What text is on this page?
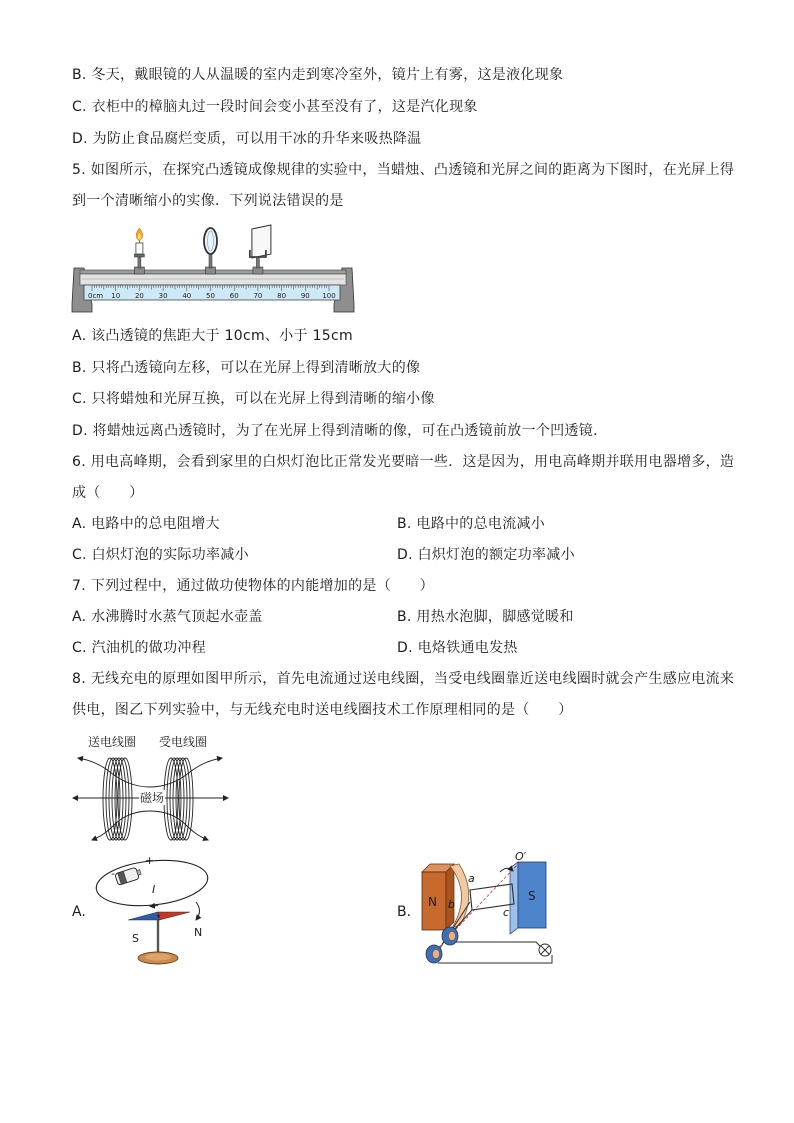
B. 冬天，戴眼镜的人从温暖的室内走到寒冷室外，镜片上有雾，这是液化现象
C. 衣柜中的樟脑丸过一段时间会变小甚至没有了，这是汽化现象
D. 为防止食品腐烂变质，可以用干冰的升华来吸热降温
5. 如图所示，在探究凸透镜成像规律的实验中，当蜡烛、凸透镜和光屏之间的距离为下图时，在光屏上得
到一个清晰缩小的实像．下列说法错误的是
0cm 10 20 30 40 50 60 70 80 90 100
A. 该凸透镜的焦距大于 10cm、小于 15cm
B. 只将凸透镜向左移，可以在光屏上得到清晰放大的像
C. 只将蜡烛和光屏互换，可以在光屏上得到清晰的缩小像
D. 将蜡烛远离凸透镜时，为了在光屏上得到清晰的像，可在凸透镜前放一个凹透镜．
6. 用电高峰期，会看到家里的白炽灯泡比正常发光要暗一些．这是因为，用电高峰期并联用电器增多，造
成（　　）
A. 电路中的总电阻增大	B. 电路中的总电流减小
C. 白炽灯泡的实际功率减小	D. 白炽灯泡的额定功率减小
7. 下列过程中，通过做功使物体的内能增加的是（　　）
A. 水沸腾时水蒸气顶起水壶盖	B. 用热水泡脚，脚感觉暖和
C. 汽油机的做功冲程	D. 电烙铁通电发热
8. 无线充电的原理如图甲所示，首先电流通过送电线圈，当受电线圈靠近送电线圈时就会产生感应电流来
供电，图乙下列实验中，与无线充电时送电线圈技术工作原理相同的是（　　）
送电线圈 受电线圈
磁场
A.
-
+
I
S	N
B.
N	S
O′
a
b
c
